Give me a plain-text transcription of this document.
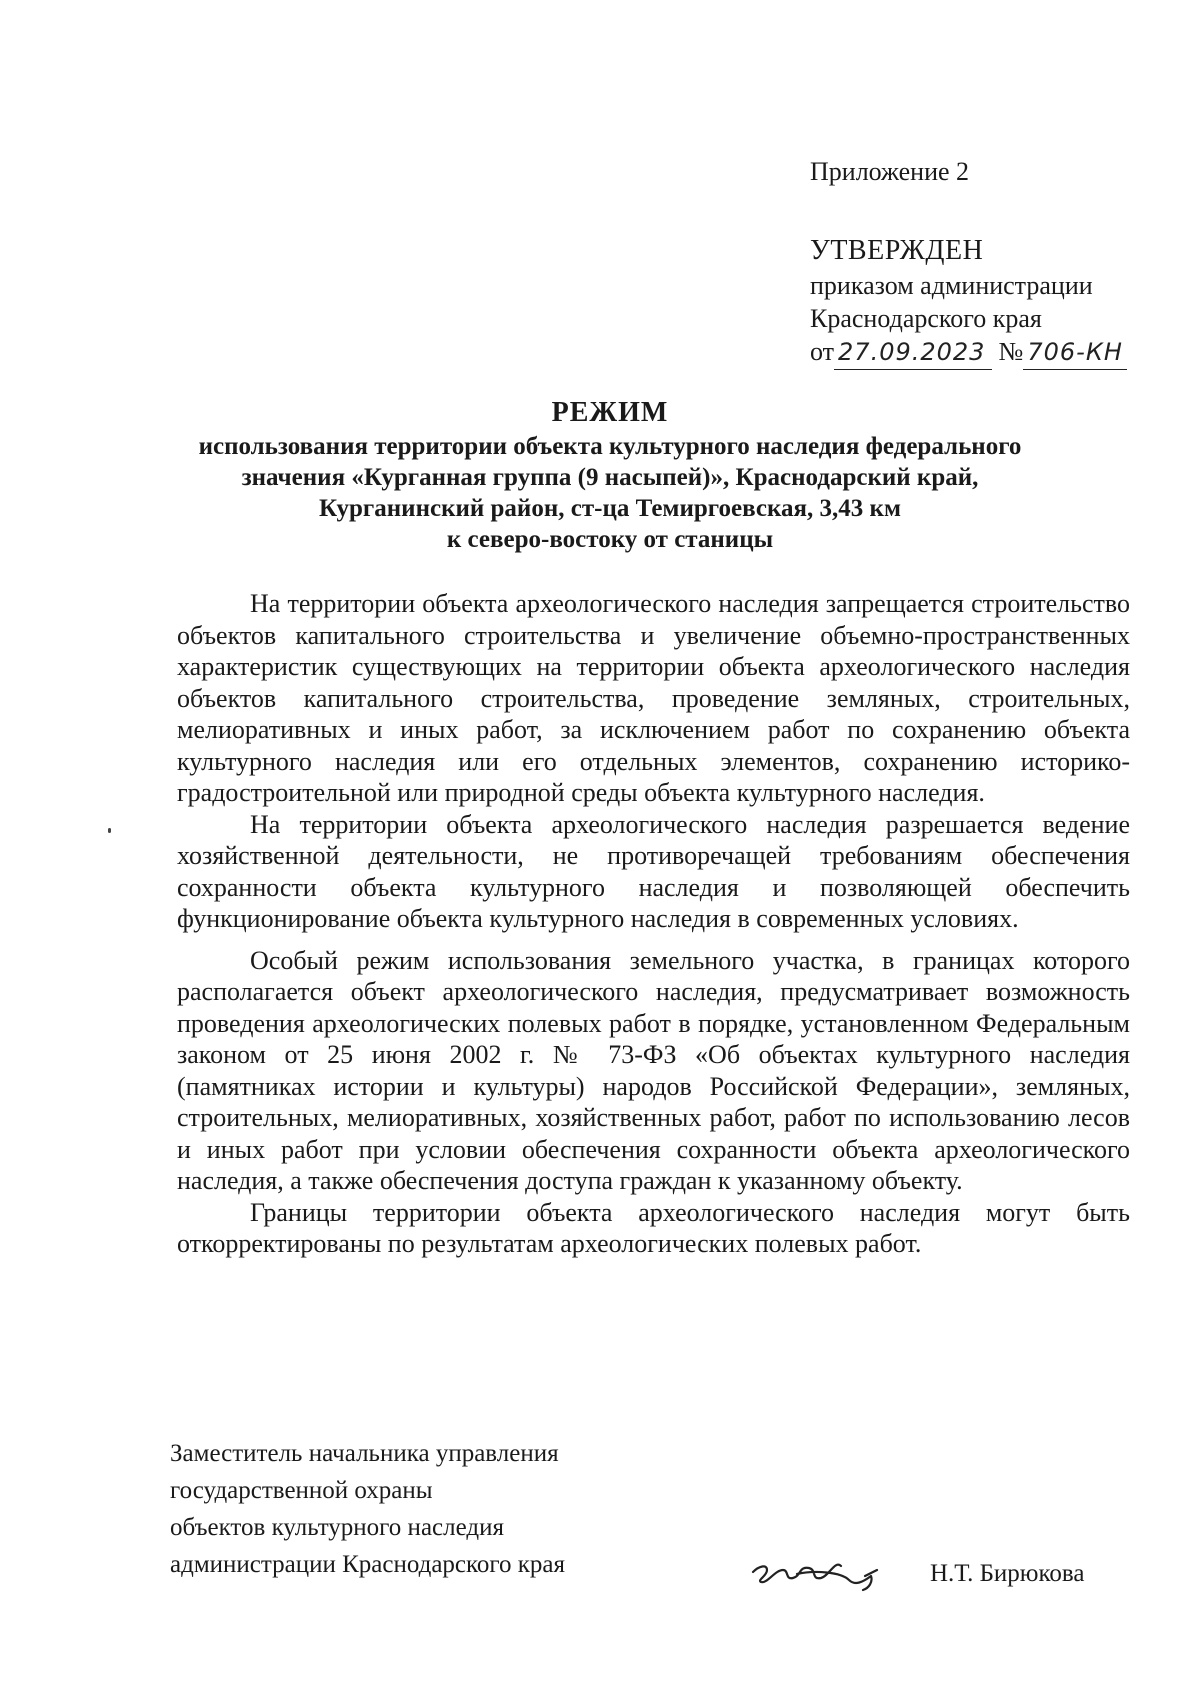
Приложение 2
УТВЕРЖДЕН
приказом администрации
Краснодарского края
от 27.09.2023 № 706-КН
РЕЖИМ
использования территории объекта культурного наследия федерального
значения «Курганная группа (9 насыпей)», Краснодарский край,
Курганинский район, ст-ца Темиргоевская, 3,43 км
к северо-востоку от станицы

На территории объекта археологического наследия запрещается строительство объектов капитального строительства и увеличение объемно-пространственных характеристик существующих на территории объекта археологического наследия объектов капитального строительства, проведение земляных, строительных, мелиоративных и иных работ, за исключением работ по сохранению объекта культурного наследия или его отдельных элементов, сохранению историко-градостроительной или природной среды объекта культурного наследия.

На территории объекта археологического наследия разрешается ведение хозяйственной деятельности, не противоречащей требованиям обеспечения сохранности объекта культурного наследия и позволяющей обеспечить функционирование объекта культурного наследия в современных условиях.

Особый режим использования земельного участка, в границах которого располагается объект археологического наследия, предусматривает возможность проведения археологических полевых работ в порядке, установленном Федеральным законом от 25 июня 2002 г. № 73-ФЗ «Об объектах культурного наследия (памятниках истории и культуры) народов Российской Федерации», земляных, строительных, мелиоративных, хозяйственных работ, работ по использованию лесов и иных работ при условии обеспечения сохранности объекта археологического наследия, а также обеспечения доступа граждан к указанному объекту.

Границы территории объекта археологического наследия могут быть откорректированы по результатам археологических полевых работ.

Заместитель начальника управления
государственной охраны
объектов культурного наследия
администрации Краснодарского края	Н.Т. Бирюкова
